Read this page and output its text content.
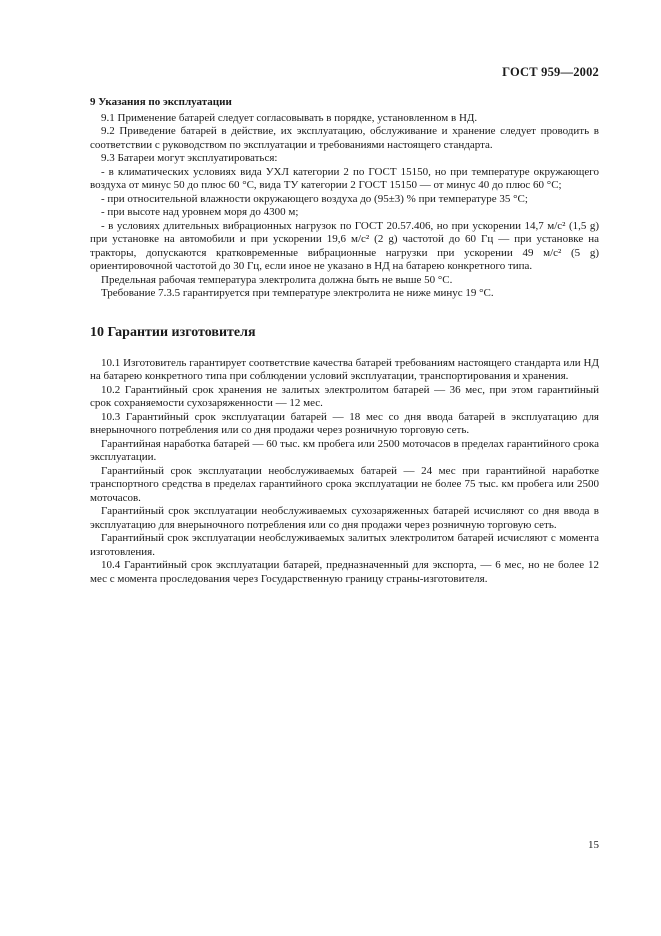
ГОСТ 959—2002
9 Указания по эксплуатации

9.1 Применение батарей следует согласовывать в порядке, установленном в НД.

9.2 Приведение батарей в действие, их эксплуатацию, обслуживание и хранение следует проводить в соответствии с руководством по эксплуатации и требованиями настоящего стандарта.

9.3 Батареи могут эксплуатироваться:

- в климатических условиях вида УХЛ категории 2 по ГОСТ 15150, но при температуре окружающего воздуха от минус 50 до плюс 60 °С, вида ТУ категории 2 ГОСТ 15150 — от минус 40 до плюс 60 °С;

- при относительной влажности окружающего воздуха до (95±3) % при температуре 35 °С;

- при высоте над уровнем моря до 4300 м;

- в условиях длительных вибрационных нагрузок по ГОСТ 20.57.406, но при ускорении 14,7 м/с² (1,5 g) при установке на автомобили и при ускорении 19,6 м/с² (2 g) частотой до 60 Гц — при установке на тракторы, допускаются кратковременные вибрационные нагрузки при ускорении 49 м/с² (5 g) ориентировочной частотой до 30 Гц, если иное не указано в НД на батарею конкретного типа.

Предельная рабочая температура электролита должна быть не выше 50 °С.

Требование 7.3.5 гарантируется при температуре электролита не ниже минус 19 °С.

10 Гарантии изготовителя

10.1 Изготовитель гарантирует соответствие качества батарей требованиям настоящего стандарта или НД на батарею конкретного типа при соблюдении условий эксплуатации, транспортирования и хранения.

10.2 Гарантийный срок хранения не залитых электролитом батарей — 36 мес, при этом гарантийный срок сохраняемости сухозаряженности — 12 мес.

10.3 Гарантийный срок эксплуатации батарей — 18 мес со дня ввода батарей в эксплуатацию для внерыночного потребления или со дня продажи через розничную торговую сеть.

Гарантийная наработка батарей — 60 тыс. км пробега или 2500 моточасов в пределах гарантийного срока эксплуатации.

Гарантийный срок эксплуатации необслуживаемых батарей — 24 мес при гарантийной наработке транспортного средства в пределах гарантийного срока эксплуатации не более 75 тыс. км пробега или 2500 моточасов.

Гарантийный срок эксплуатации необслуживаемых сухозаряженных батарей исчисляют со дня ввода в эксплуатацию для внерыночного потребления или со дня продажи через розничную торговую сеть.

Гарантийный срок эксплуатации необслуживаемых залитых электролитом батарей исчисляют с момента изготовления.

10.4 Гарантийный срок эксплуатации батарей, предназначенный для экспорта, — 6 мес, но не более 12 мес с момента проследования через Государственную границу страны-изготовителя.

15
